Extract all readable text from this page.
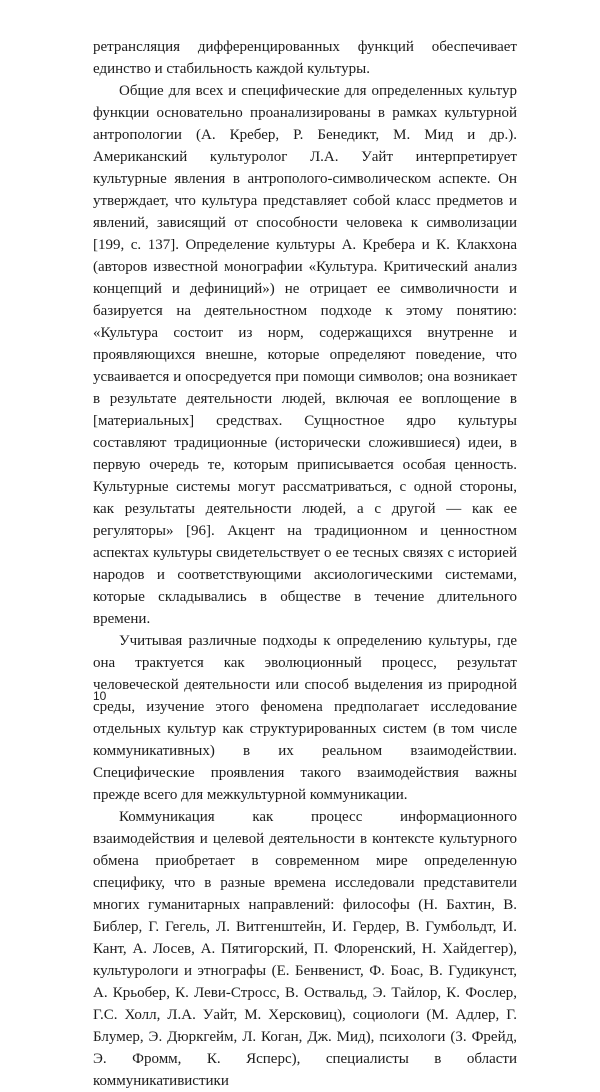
ретрансляция дифференцированных функций обеспечивает единство и стабильность каждой культуры.

Общие для всех и специфические для определенных культур функции основательно проанализированы в рамках культурной антропологии (А. Кребер, Р. Бенедикт, М. Мид и др.). Американский культуролог Л.А. Уайт интерпретирует культурные явления в антрополого-символическом аспекте. Он утверждает, что культура представляет собой класс предметов и явлений, зависящий от способности человека к символизации [199, с. 137]. Определение культуры А. Кребера и К. Клакхона (авторов известной монографии «Культура. Критический анализ концепций и дефиниций») не отрицает ее символичности и базируется на деятельностном подходе к этому понятию: «Культура состоит из норм, содержащихся внутренне и проявляющихся внешне, которые определяют поведение, что усваивается и опосредуется при помощи символов; она возникает в результате деятельности людей, включая ее воплощение в [материальных] средствах. Сущностное ядро культуры составляют традиционные (исторически сложившиеся) идеи, в первую очередь те, которым приписывается особая ценность. Культурные системы могут рассматриваться, с одной стороны, как результаты деятельности людей, а с другой — как ее регуляторы» [96]. Акцент на традиционном и ценностном аспектах культуры свидетельствует о ее тесных связях с историей народов и соответствующими аксиологическими системами, которые складывались в обществе в течение длительного времени.

Учитывая различные подходы к определению культуры, где она трактуется как эволюционный процесс, результат человеческой деятельности или способ выделения из природной среды, изучение этого феномена предполагает исследование отдельных культур как структурированных систем (в том числе коммуникативных) в их реальном взаимодействии. Специфические проявления такого взаимодействия важны прежде всего для межкультурной коммуникации.

Коммуникация как процесс информационного взаимодействия и целевой деятельности в контексте культурного обмена приобретает в современном мире определенную специфику, что в разные времена исследовали представители многих гуманитарных направлений: философы (Н. Бахтин, В. Библер, Г. Гегель, Л. Витгенштейн, И. Гердер, В. Гумбольдт, И. Кант, А. Лосев, А. Пятигорский, П. Флоренский, Н. Хайдеггер), культурологи и этнографы (Е. Бенвенист, Ф. Боас, В. Гудикунст, А. Крьобер, К. Леви-Стросс, В. Оствальд, Э. Тайлор, К. Фослер, Г.С. Холл, Л.А. Уайт, М. Херсковиц), социологи (М. Адлер, Г. Блумер, Э. Дюркгейм, Л. Коган, Дж. Мид), психологи (З. Фрейд, Э. Фромм, К. Ясперс), специалисты в области коммуникативистики

10
